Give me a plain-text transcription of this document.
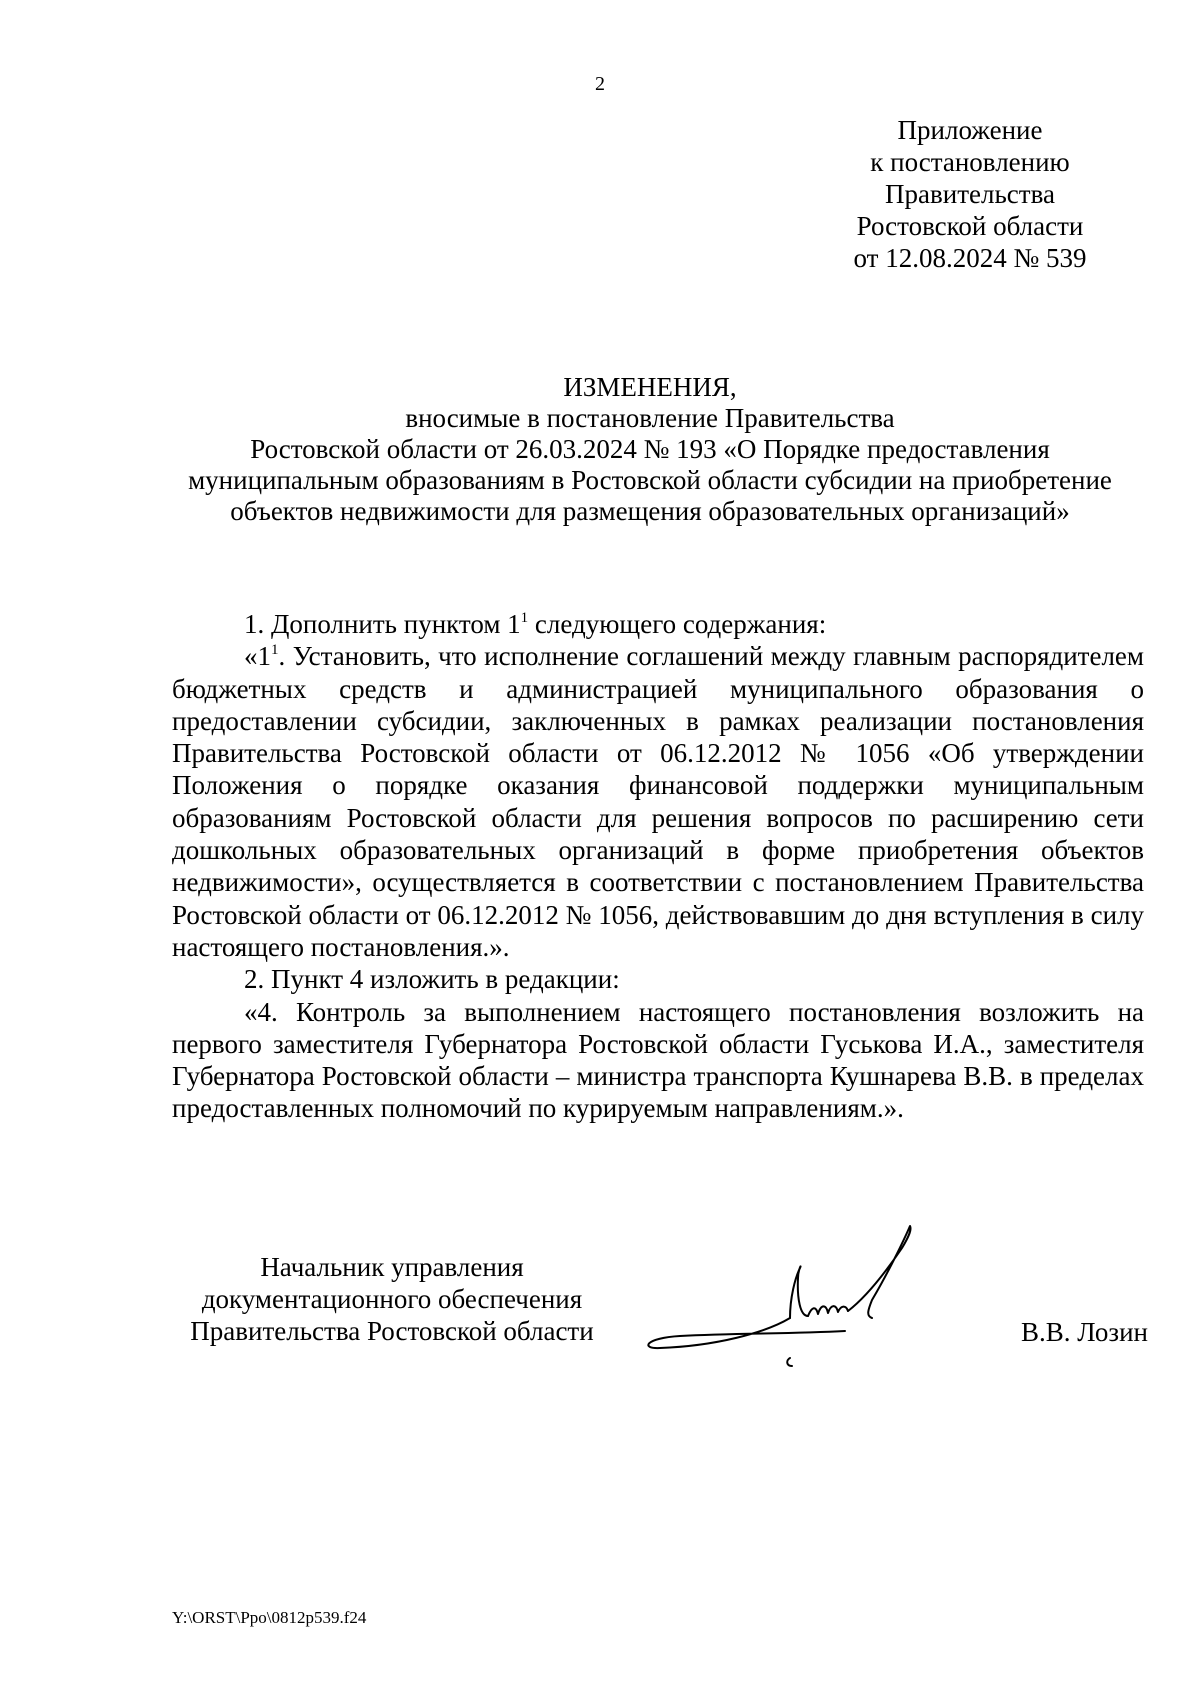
2
Приложение
к постановлению
Правительства
Ростовской области
от 12.08.2024 № 539
ИЗМЕНЕНИЯ,
вносимые в постановление Правительства
Ростовской области от 26.03.2024 № 193 «О Порядке предоставления
муниципальным образованиям в Ростовской области субсидии на приобретение
объектов недвижимости для размещения образовательных организаций»

1. Дополнить пунктом $1^1$ следующего содержания:

«$1^1$. Установить, что исполнение соглашений между главным распорядителем бюджетных средств и администрацией муниципального образования о предоставлении субсидии, заключенных в рамках реализации постановления Правительства Ростовской области от 06.12.2012 № 1056 «Об утверждении Положения о порядке оказания финансовой поддержки муниципальным образованиям Ростовской области для решения вопросов по расширению сети дошкольных образовательных организаций в форме приобретения объектов недвижимости», осуществляется в соответствии с постановлением Правительства Ростовской области от 06.12.2012 № 1056, действовавшим до дня вступления в силу настоящего постановления.».

2. Пункт 4 изложить в редакции:

«4. Контроль за выполнением настоящего постановления возложить на первого заместителя Губернатора Ростовской области Гуськова И.А., заместителя Губернатора Ростовской области – министра транспорта Кушнарева В.В. в пределах предоставленных полномочий по курируемым направлениям.».

Начальник управления
документационного обеспечения
Правительства Ростовской области	В.В. Лозин
Y:\ORST\Ppo\0812p539.f24
